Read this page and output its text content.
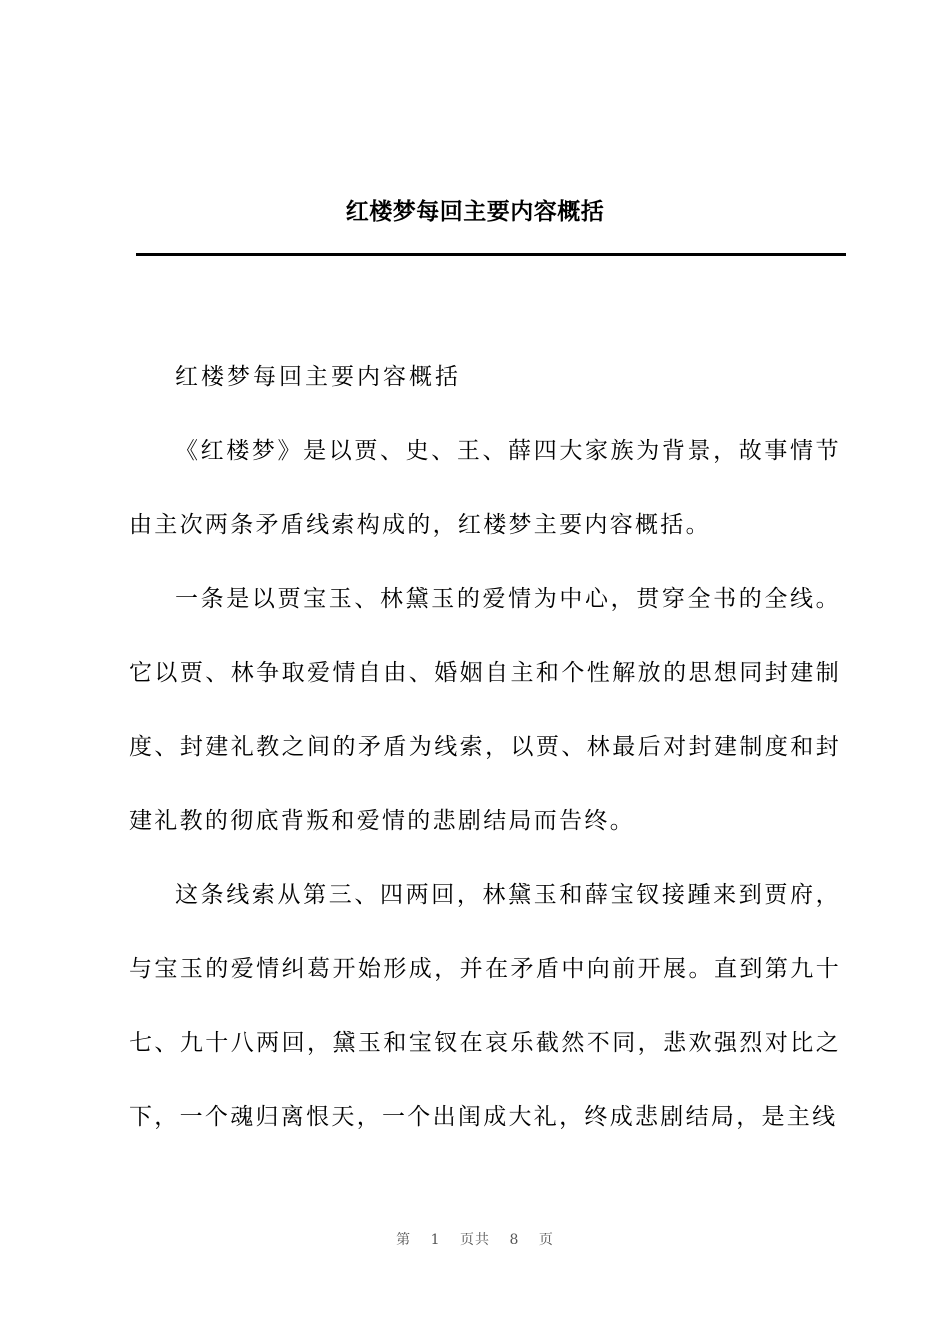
红楼梦每回主要内容概括

红楼梦每回主要内容概括

《红楼梦》是以贾、史、王、薛四大家族为背景，故事情节由主次两条矛盾线索构成的，红楼梦主要内容概括。

一条是以贾宝玉、林黛玉的爱情为中心，贯穿全书的全线。它以贾、林争取爱情自由、婚姻自主和个性解放的思想同封建制度、封建礼教之间的矛盾为线索，以贾、林最后对封建制度和封建礼教的彻底背叛和爱情的悲剧结局而告终。

这条线索从第三、四两回，林黛玉和薛宝钗接踵来到贾府，与宝玉的爱情纠葛开始形成，并在矛盾中向前开展。直到第九十七、九十八两回，黛玉和宝钗在哀乐截然不同，悲欢强烈对比之下，一个魂归离恨天，一个出闺成大礼，终成悲剧结局，是主线

第 1 页共 8 页
